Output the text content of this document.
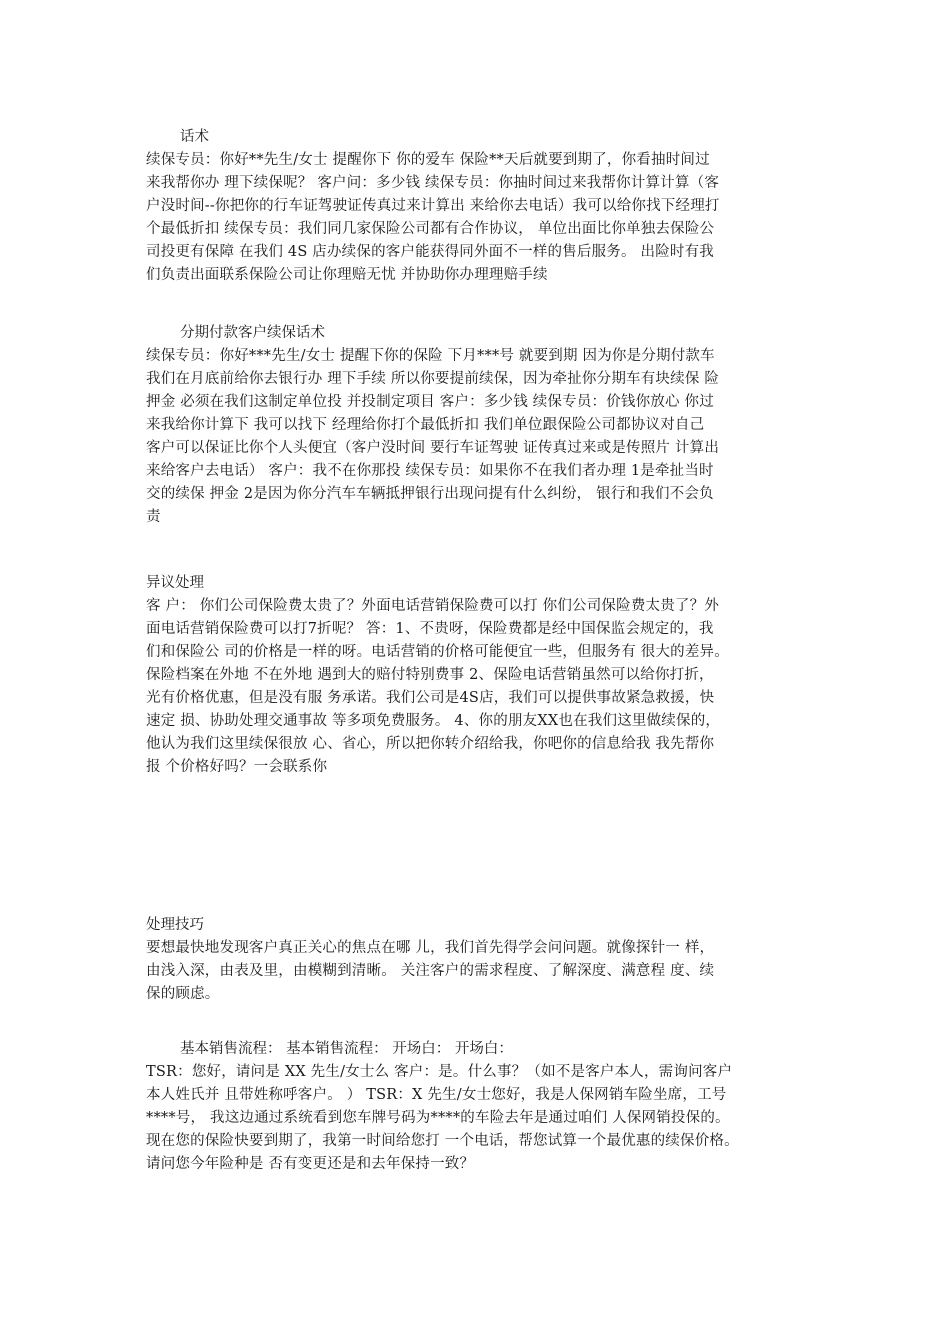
话术
续保专员：你好**先生/女士 提醒你下 你的爱车 保险**天后就要到期了，你看抽时间过
来我帮你办 理下续保呢？ 客户问：多少钱 续保专员：你抽时间过来我帮你计算计算（客
户没时间--你把你的行车证驾驶证传真过来计算出 来给你去电话）我可以给你找下经理打
个最低折扣 续保专员：我们同几家保险公司都有合作协议， 单位出面比你单独去保险公
司投更有保障 在我们 4S 店办续保的客户能获得同外面不一样的售后服务。 出险时有我
们负责出面联系保险公司让你理赔无忧 并协助你办理理赔手续
分期付款客户续保话术
续保专员：你好***先生/女士 提醒下你的保险 下月***号 就要到期 因为你是分期付款车
我们在月底前给你去银行办 理下手续 所以你要提前续保，因为牵扯你分期车有块续保 险
押金 必须在我们这制定单位投 并投制定项目 客户：多少钱 续保专员：价钱你放心 你过
来我给你计算下 我可以找下 经理给你打个最低折扣 我们单位跟保险公司都协议对自己
客户可以保证比你个人头便宜（客户没时间 要行车证驾驶 证传真过来或是传照片 计算出
来给客户去电话） 客户：我不在你那投 续保专员：如果你不在我们者办理 1是牵扯当时
交的续保 押金 2是因为你分汽车车辆抵押银行出现问提有什么纠纷， 银行和我们不会负
责
异议处理
客 户： 你们公司保险费太贵了？外面电话营销保险费可以打 你们公司保险费太贵了？外
面电话营销保险费可以打7折呢？ 答：1、不贵呀，保险费都是经中国保监会规定的，我
们和保险公 司的价格是一样的呀。电话营销的价格可能便宜一些，但服务有 很大的差异。
保险档案在外地 不在外地 遇到大的赔付特别费事 2、保险电话营销虽然可以给你打折，
光有价格优惠，但是没有服 务承诺。我们公司是4S店，我们可以提供事故紧急救援，快
速定 损、协助处理交通事故 等多项免费服务。 4、你的朋友XX也在我们这里做续保的，
他认为我们这里续保很放 心、省心，所以把你转介绍给我，你吧你的信息给我 我先帮你
报 个价格好吗？一会联系你
处理技巧
要想最快地发现客户真正关心的焦点在哪 儿，我们首先得学会问问题。就像探针一 样，
由浅入深，由表及里，由模糊到清晰。 关注客户的需求程度、了解深度、满意程 度、续
保的顾虑。
基本销售流程： 基本销售流程： 开场白： 开场白：
TSR：您好，请问是 XX 先生/女士么 客户：是。什么事？（如不是客户本人，需询问客户
本人姓氏并 且带姓称呼客户。 ） TSR：X 先生/女士您好，我是人保网销车险坐席，工号
****号， 我这边通过系统看到您车牌号码为****的车险去年是通过咱们 人保网销投保的。
现在您的保险快要到期了，我第一时间给您打 一个电话，帮您试算一个最优惠的续保价格。
请问您今年险种是 否有变更还是和去年保持一致？
